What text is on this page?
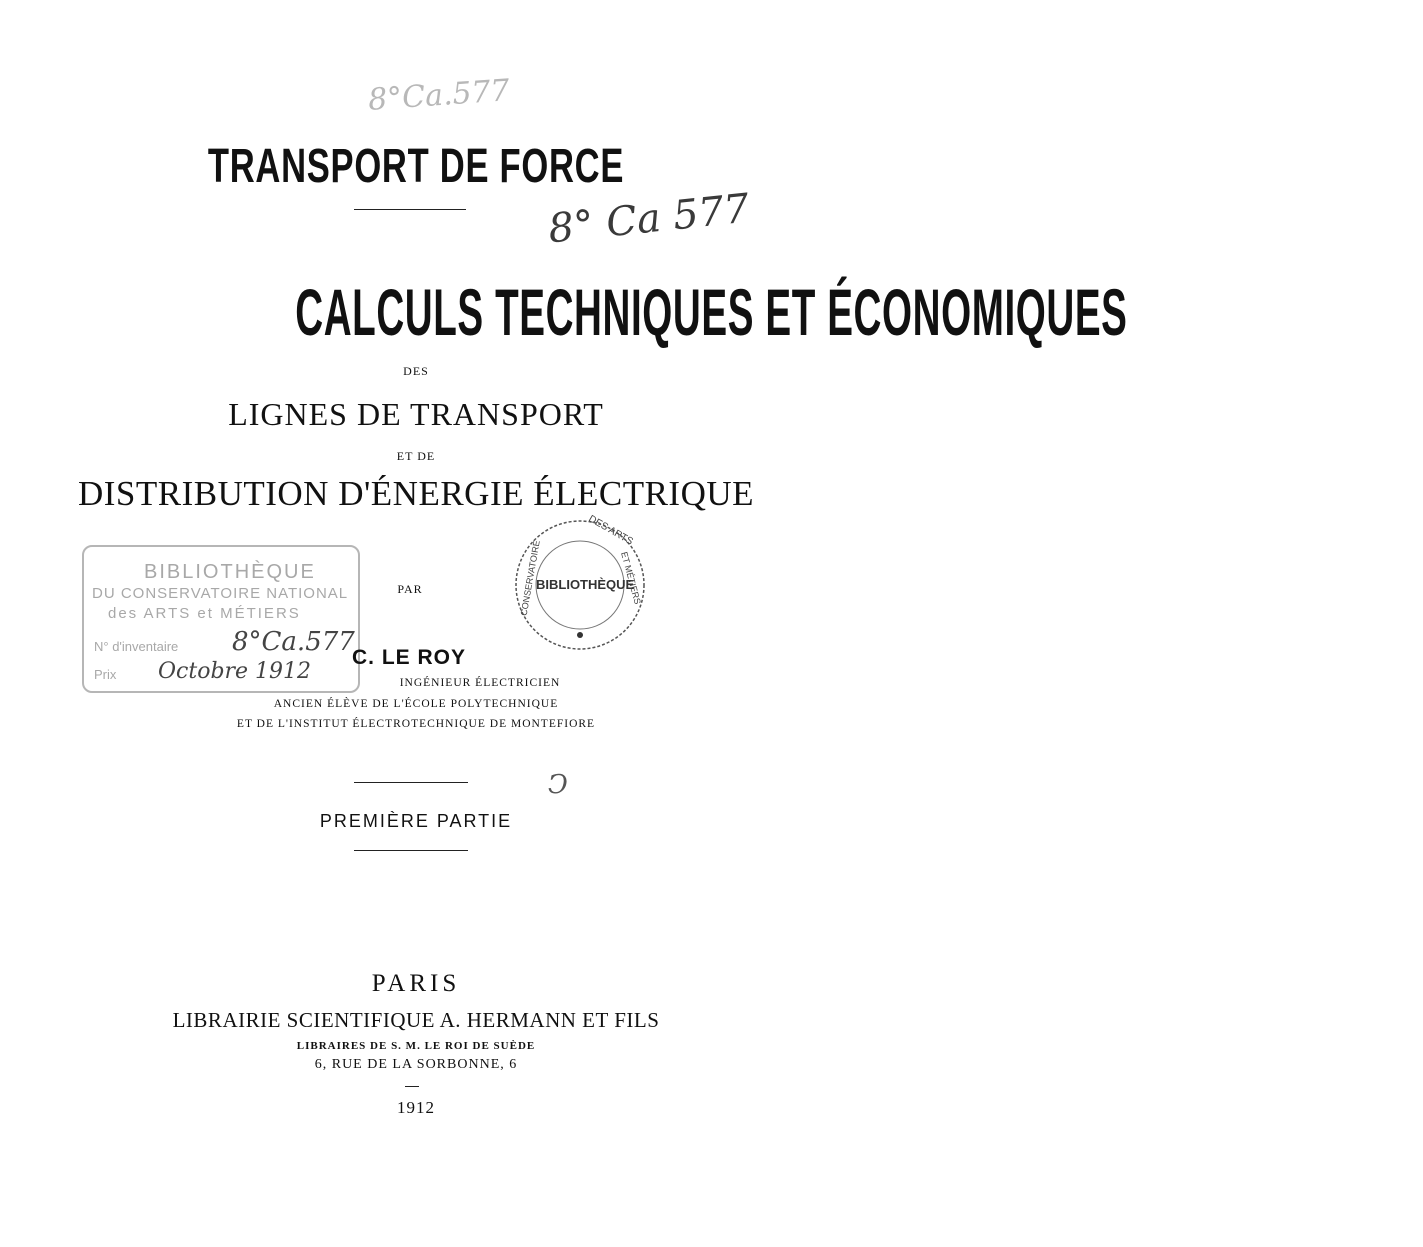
8°Ca.577
8° Ca 577
TRANSPORT DE FORCE
CALCULS TECHNIQUES ET ÉCONOMIQUES
DES
LIGNES DE TRANSPORT
ET DE
DISTRIBUTION D'ÉNERGIE ÉLECTRIQUE
BIBLIOTHÈQUE
DU CONSERVATOIRE NATIONAL
des ARTS et MÉTIERS
N° d'inventaire 8°Ca.577
Prix Octobre 1912
BIBLIOTHÈQUE
DES ARTS
CONSERVATOIRE	ET MÉTIERS
PAR
C. LE ROY
INGÉNIEUR ÉLECTRICIEN
ANCIEN ÉLÈVE DE L'ÉCOLE POLYTECHNIQUE
ET DE L'INSTITUT ÉLECTROTECHNIQUE DE MONTEFIORE
Ↄ
PREMIÈRE PARTIE
PARIS
LIBRAIRIE SCIENTIFIQUE A. HERMANN ET FILS
LIBRAIRES DE S. M. LE ROI DE SUÈDE
6, RUE DE LA SORBONNE, 6
1912
